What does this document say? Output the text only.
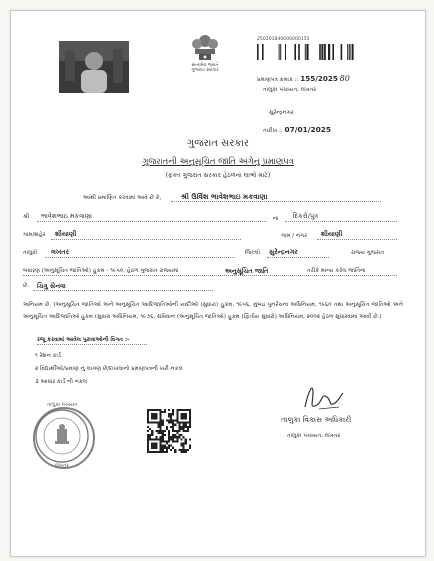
સત્યમેવ જયતે
ગુજરાત સરકાર
250201840000000155
પ્રમાણપત્ર ક્રમાંક :: 155/2025 80
તાલુકા પંચાયત, લખતર
સુરેન્દ્રનગર
તારીખ :: 07/01/2025
ગુજરાત સરકાર
ગુજરાતની અનુસૂચિત જાતિ અંગેનું પ્રમાણપત્ર
(ફક્ત ગુજરાત સરકાર હેઠળના લાભો માટે)
આથી પ્રમાણિત કરવામાં આવે છે કે,	શ્રી ઉર્વિશ ભાવેશભાઇ મકવાણા
શ્રી ભાવેશભાઇ મકવાણા	ના દિકરો/પુત્ર
ગામ/શહેર શીયાણી	ગામ / નગર શીયાણી
તાલુકો લખતર	જિલ્લો સુરેન્દ્રનગર	રાજ્ય ગુજરાત
બંધારણ (અનુસૂચિત જાતિઓ) હુકમ - ૧૯૫૦, હેઠળ ગુજરાત રાજ્યમાં	અનુસૂચિત જાતિ	તરીકે માન્ય કરેલ જાતિના
છે. ચિત્રુ સેનવા
અનિયમ છે. (અનુસૂચિત જાતિઓ અને અનુસૂચિત આદિજાતિઓની યાદીઓ (સુધારા) હુકમ, ૧૯૫૬, મુંબઇ પુનર્રચના અધિનિયમ, ૧૯૬૦ તથા અનુસૂચિત જાતિઓ અને અનુસૂચિત આદિજાતિઓ હુકમ (સુધારા અધિનિયમ, ૧૯૭૬, સંવિધાન (અનુસૂચિત જાતિઓ) હુકમ (દ્વિતીય સુધારો) અધિનિયમ, ૨૦૦૨ હેઠળ સુધારવામાં આવી છે.)
રજૂ કરવામાં આવેલ પુરાવાઓની વિગત :-
૧ રેશન કાર્ડ
૨ વિદ્યાર્થીઓ/પ્રમાણ નું લાગણ છે/દાખલાનો પ્રમાણપત્રની ખરી નકલ
૩ આધાર કાર્ડ ની નકલ
તાલુકા પંચાયત
લખતર
તાલુકા વિકાસ અધિકારી
તાલુકા પંચાયત, લખતર
